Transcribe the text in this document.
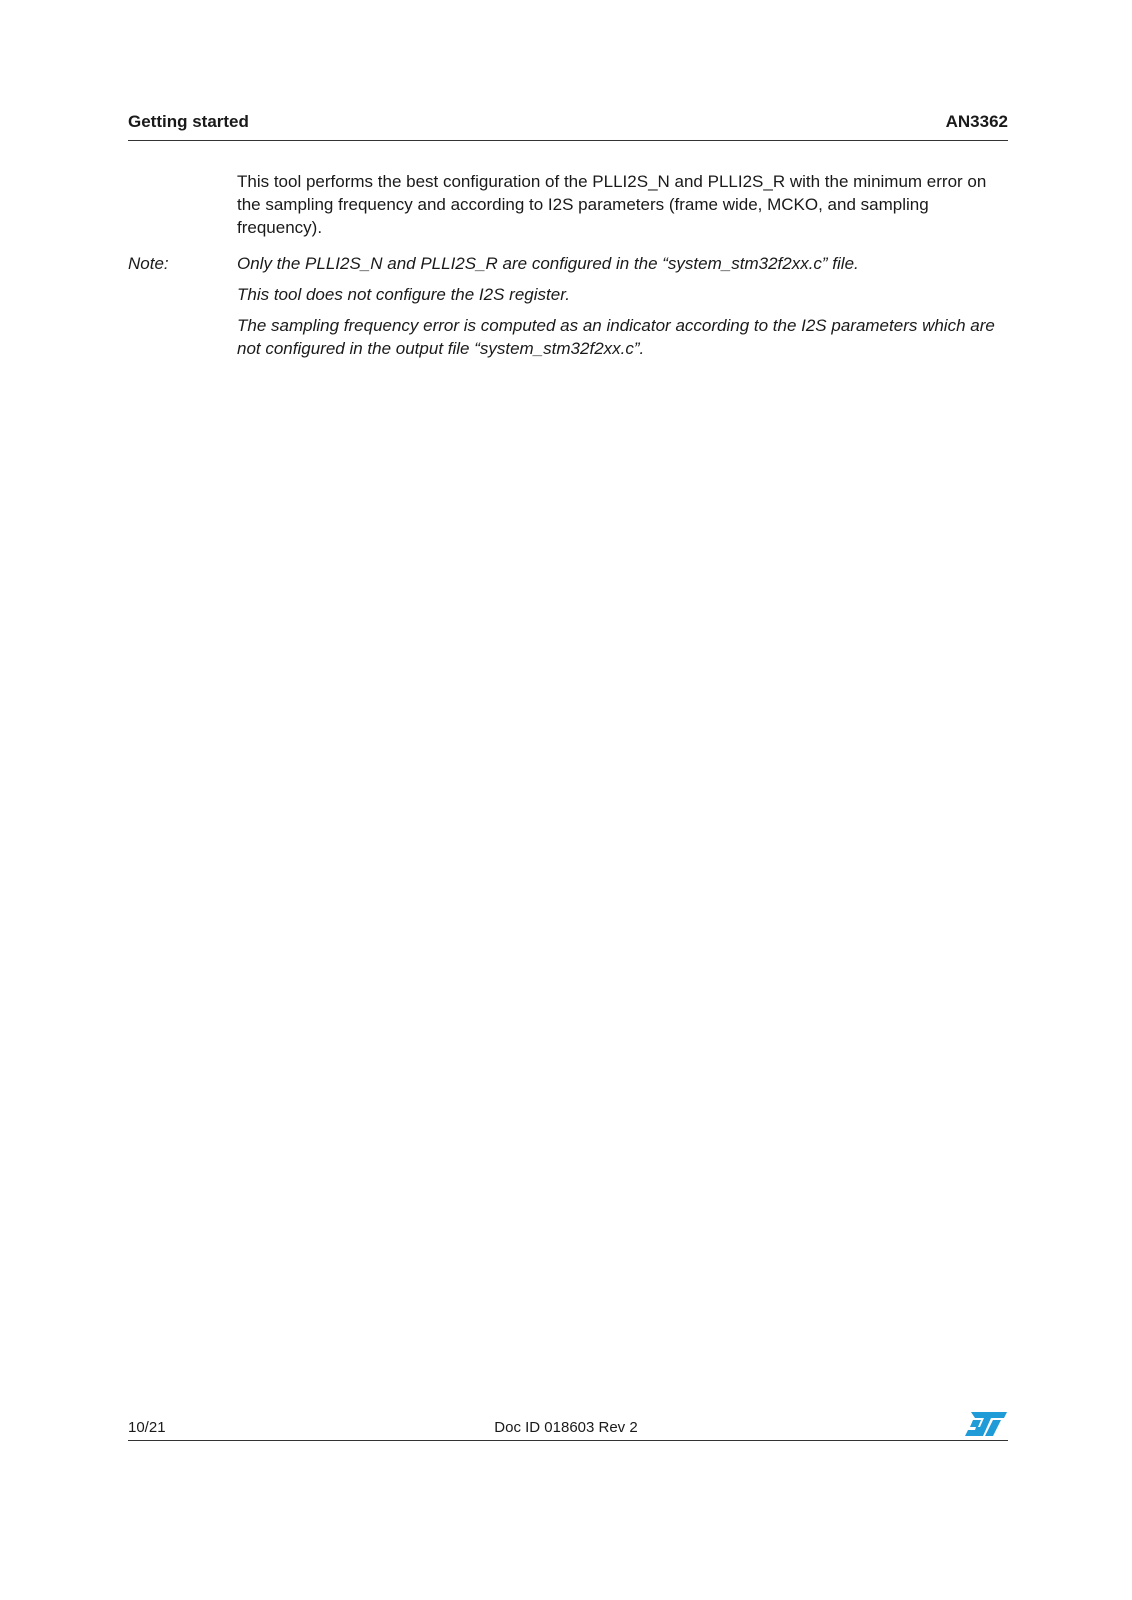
Getting started	AN3362
This tool performs the best configuration of the PLLI2S_N and PLLI2S_R with the minimum error on the sampling frequency and according to I2S parameters (frame wide, MCKO, and sampling frequency).
Note:	Only the PLLI2S_N and PLLI2S_R are configured in the “system_stm32f2xx.c” file.

This tool does not configure the I2S register.

The sampling frequency error is computed as an indicator according to the I2S parameters which are not configured in the output file “system_stm32f2xx.c”.

10/21	Doc ID 018603 Rev 2
